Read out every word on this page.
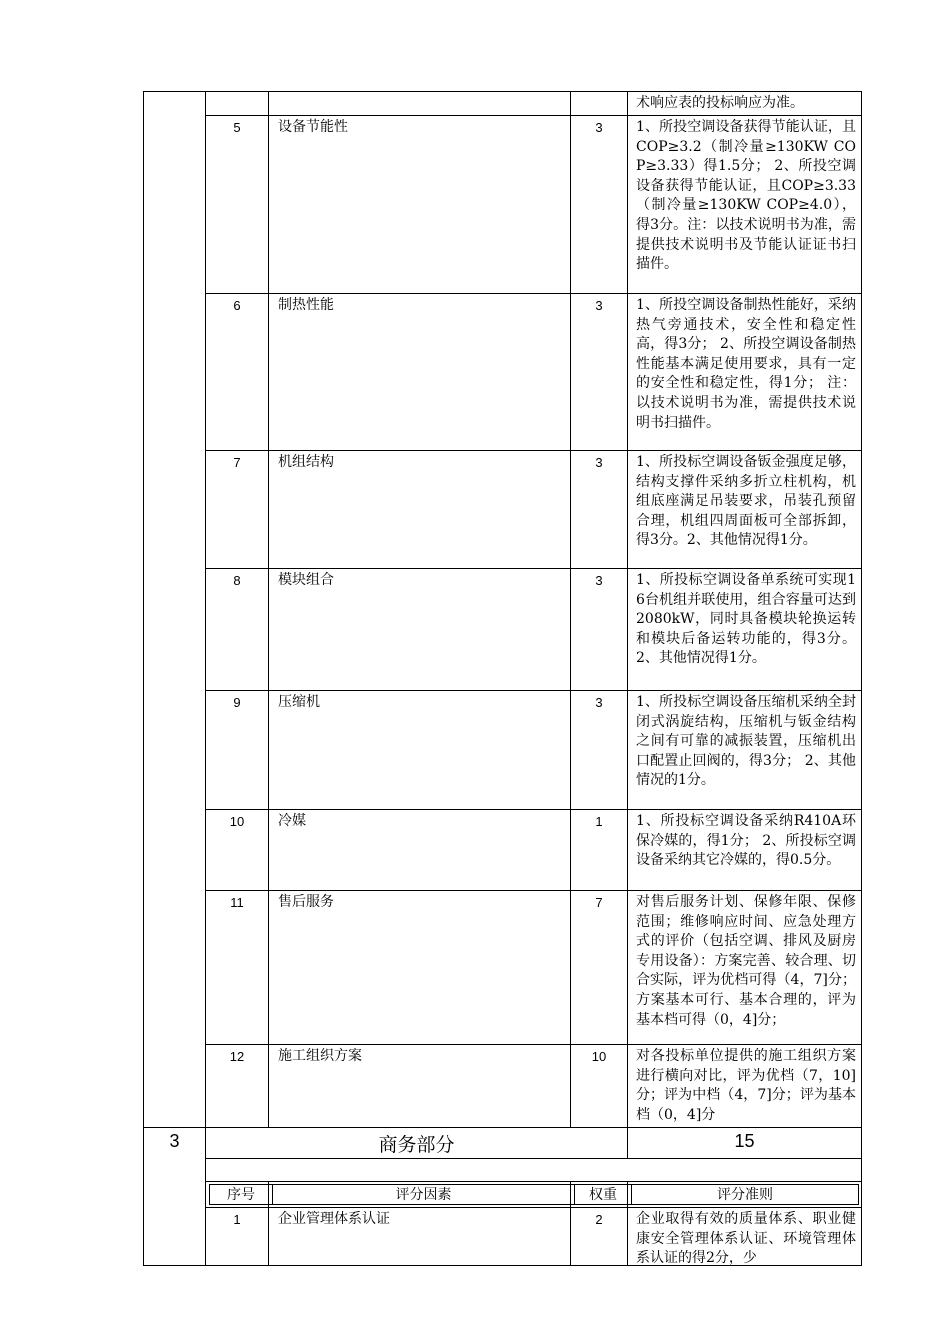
术响应表的投标响应为准。
5	设备节能性	3	1、所投空调设备获得节能认证，且COP≥3.2（制冷量≥130KW COP≥3.33）得1.5分； 2、所投空调设备获得节能认证，且COP≥3.33（制冷量≥130KW COP≥4.0），得3分。注：以技术说明书为准，需提供技术说明书及节能认证证书扫描件。
6	制热性能	3	1、所投空调设备制热性能好，采纳热气旁通技术，安全性和稳定性高，得3分； 2、所投空调设备制热性能基本满足使用要求，具有一定的安全性和稳定性，得1分； 注：以技术说明书为准，需提供技术说明书扫描件。
7	机组结构	3	1、所投标空调设备钣金强度足够，结构支撑件采纳多折立柱机构，机组底座满足吊装要求，吊装孔预留合理，机组四周面板可全部拆卸，得3分。2、其他情况得1分。
8	模块组合	3	1、所投标空调设备单系统可实现16台机组并联使用，组合容量可达到2080kW，同时具备模块轮换运转和模块后备运转功能的，得3分。 2、其他情况得1分。
9	压缩机	3	1、所投标空调设备压缩机采纳全封闭式涡旋结构，压缩机与钣金结构之间有可靠的减振装置，压缩机出口配置止回阀的，得3分； 2、其他情况的1分。
10	冷媒	1	1、所投标空调设备采纳R410A环保冷媒的，得1分； 2、所投标空调设备采纳其它冷媒的，得0.5分。
11	售后服务	7	对售后服务计划、保修年限、保修范围；维修响应时间、应急处理方式的评价（包括空调、排风及厨房专用设备）：方案完善、较合理、切合实际，评为优档可得（4，7]分；方案基本可行、基本合理的，评为基本档可得（0，4]分；
12	施工组织方案	10	对各投标单位提供的施工组织方案进行横向对比，评为优档（7，10]分；评为中档（4，7]分；评为基本档（0，4]分
3	商务部分	15
序号	评分因素	权重	评分准则
1	企业管理体系认证	2	企业取得有效的质量体系、职业健康安全管理体系认证、环境管理体系认证的得2分，少
